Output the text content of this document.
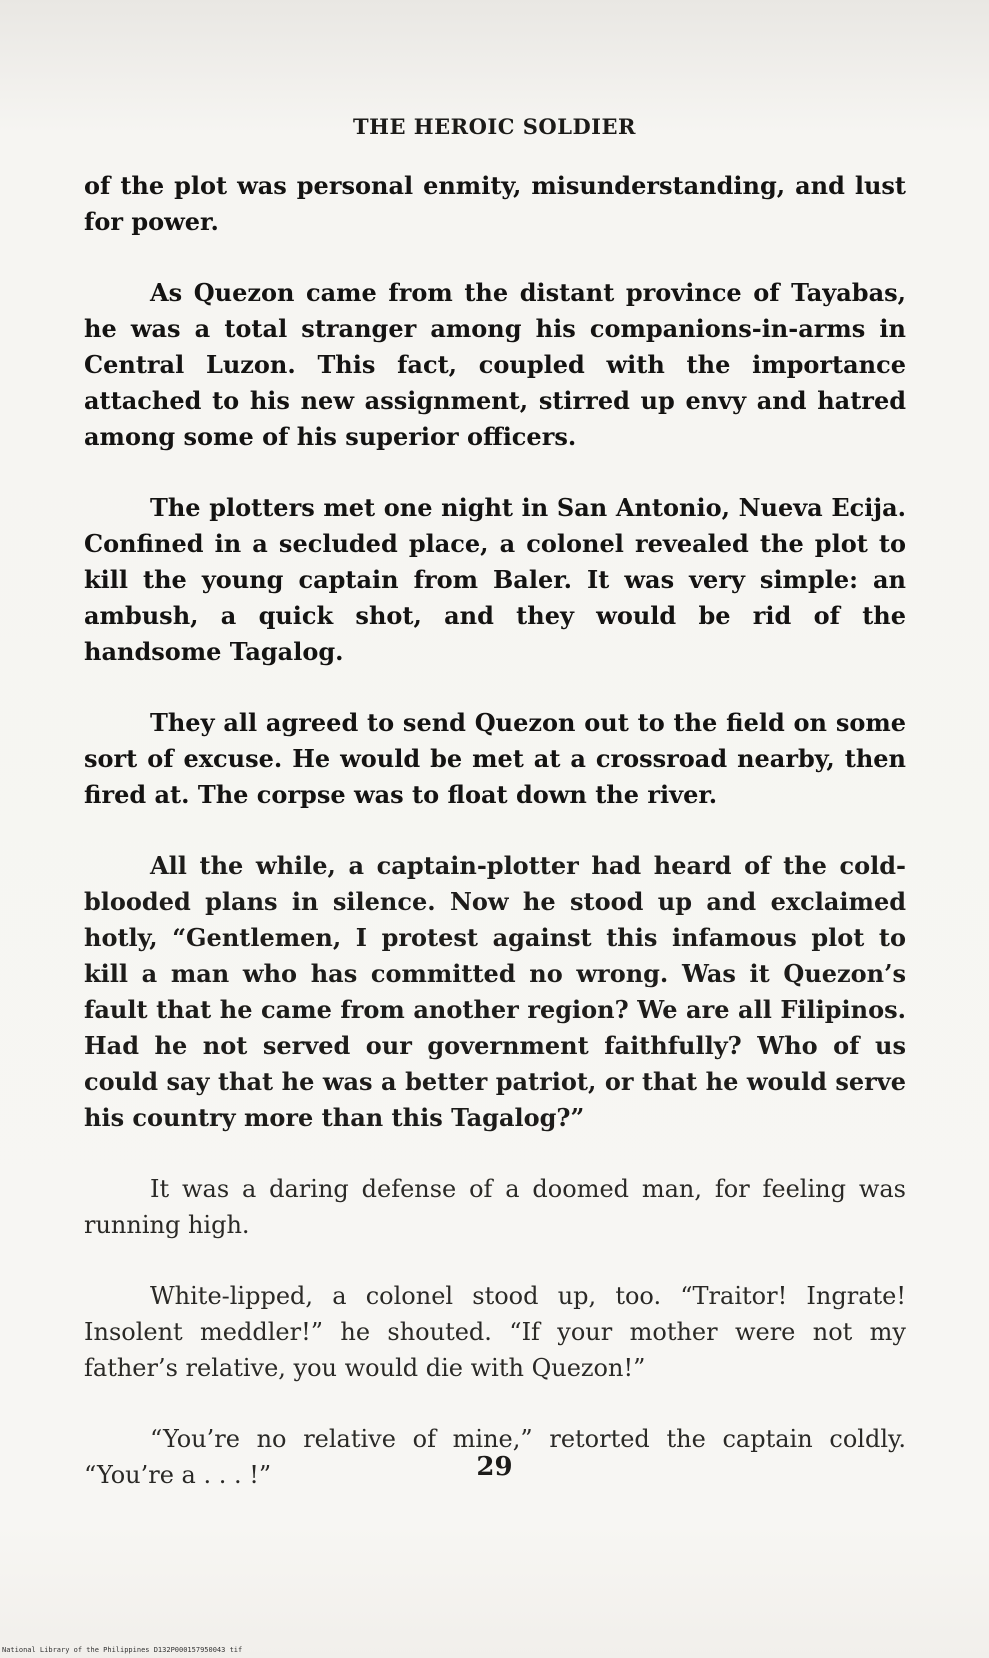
THE HEROIC SOLDIER

of the plot was personal enmity, misunderstanding, and lust for power.

As Quezon came from the distant province of Tayabas, he was a total stranger among his companions-in-arms in Central Luzon. This fact, coupled with the importance attached to his new assignment, stirred up envy and hatred among some of his superior officers.

The plotters met one night in San Antonio, Nueva Ecija. Confined in a secluded place, a colonel revealed the plot to kill the young captain from Baler. It was very simple: an ambush, a quick shot, and they would be rid of the handsome Tagalog.

They all agreed to send Quezon out to the field on some sort of excuse. He would be met at a crossroad nearby, then fired at. The corpse was to float down the river.

All the while, a captain-plotter had heard of the cold-blooded plans in silence. Now he stood up and exclaimed hotly, “Gentlemen, I protest against this infamous plot to kill a man who has committed no wrong. Was it Quezon’s fault that he came from another region? We are all Filipinos. Had he not served our government faithfully? Who of us could say that he was a better patriot, or that he would serve his country more than this Tagalog?”

It was a daring defense of a doomed man, for feeling was running high.

White-lipped, a colonel stood up, too. “Traitor! Ingrate! Insolent meddler!” he shouted. “If your mother were not my father’s relative, you would die with Quezon!”

“You’re no relative of mine,” retorted the captain coldly. “You’re a . . . !”	29
National Library of the Philippines D132P000157950043 tif
